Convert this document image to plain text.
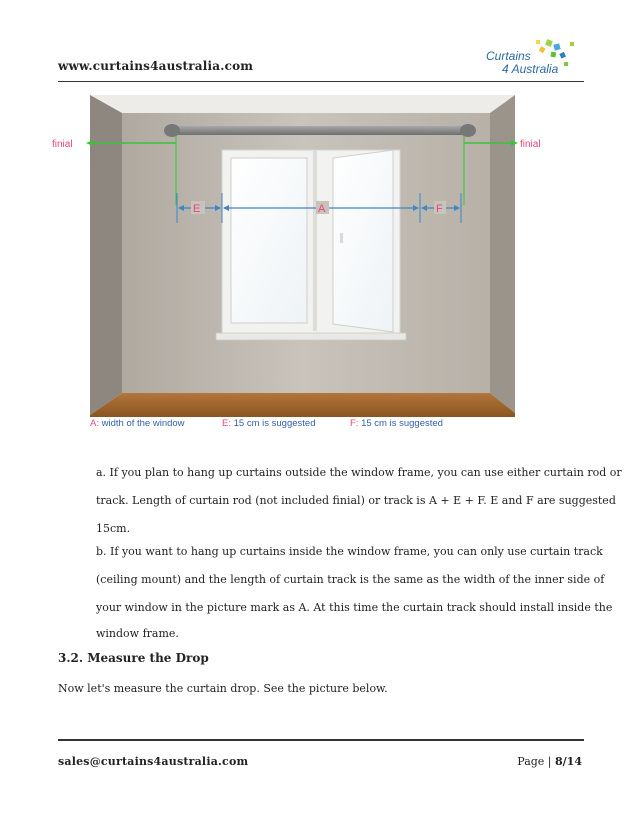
www.curtains4australia.com
Curtains
4 Australia
finial	finial
E	A	F
A: width of the window	E: 15 cm is suggested	F: 15 cm is suggested
a. If you plan to hang up curtains outside the window frame, you can use either curtain rod or
track. Length of curtain rod (not included finial) or track is A + E + F. E and F are suggested
15cm.
b. If you want to hang up curtains inside the window frame, you can only use curtain track
(ceiling mount) and the length of curtain track is the same as the width of the inner side of
your window in the picture mark as A. At this time the curtain track should install inside the
window frame.
3.2. Measure the Drop
Now let's measure the curtain drop. See the picture below.
sales@curtains4australia.com	Page | 8/14
